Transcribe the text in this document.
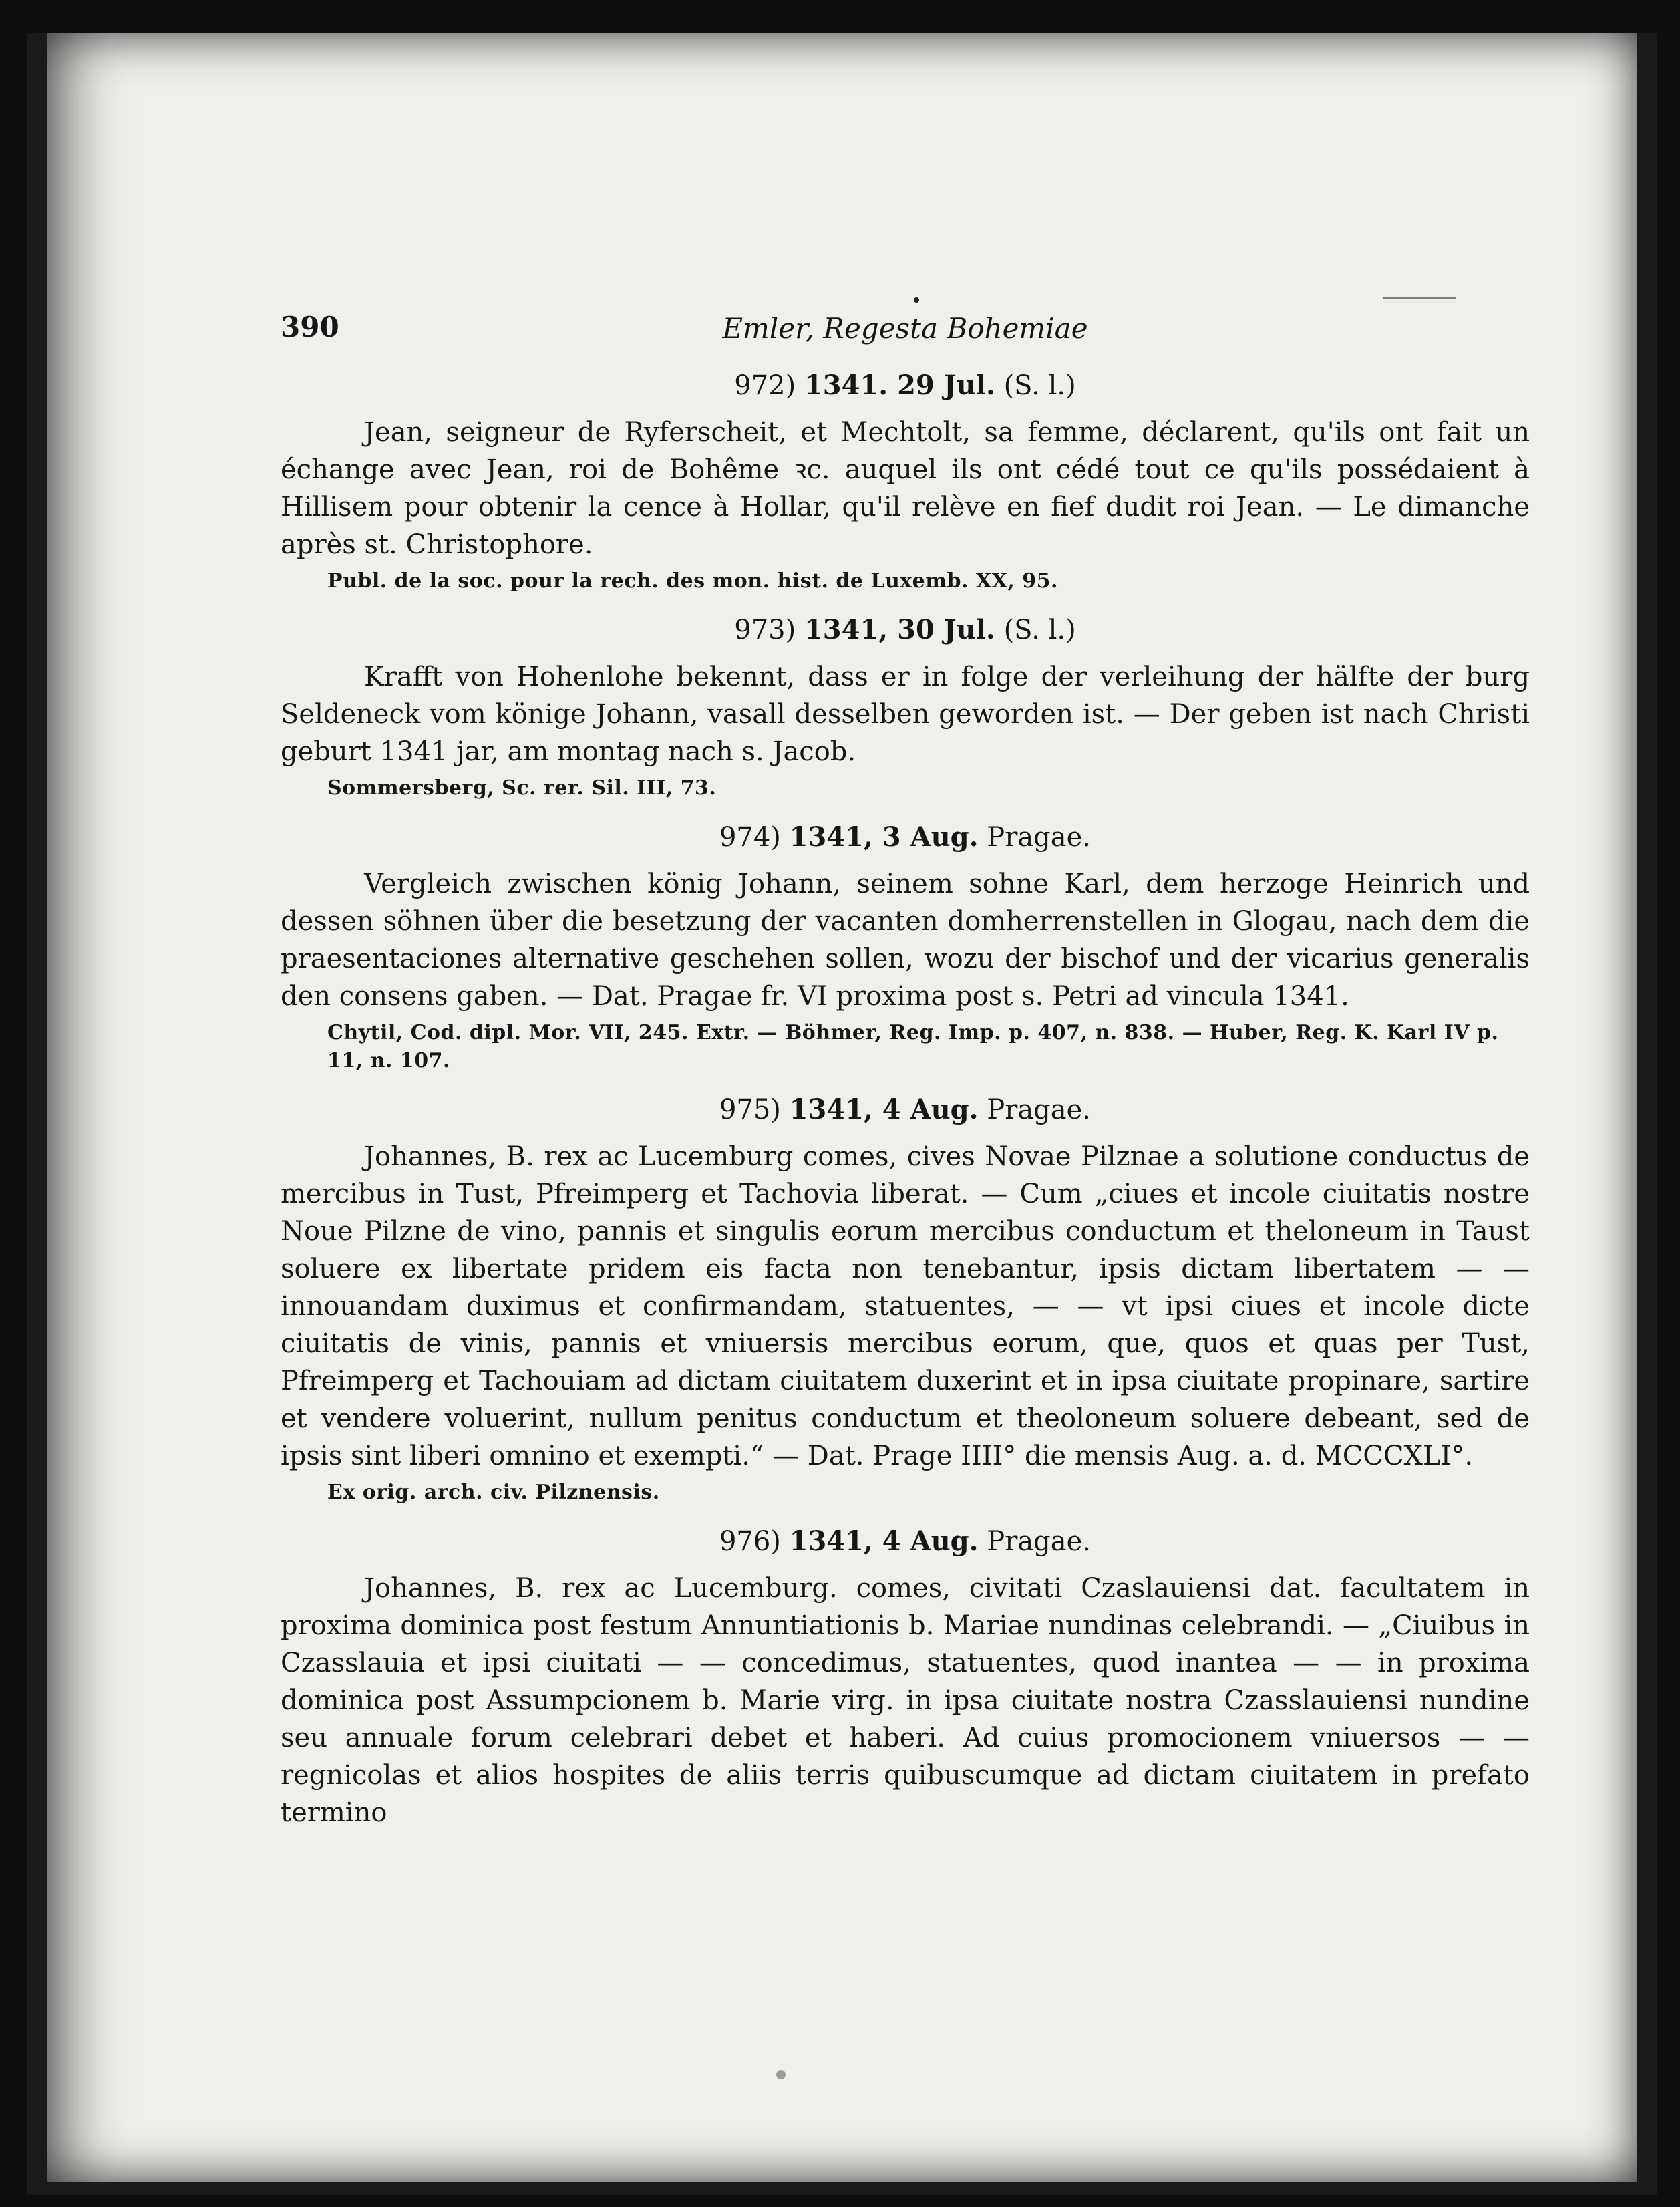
390	Emler, Regesta Bohemiae
972) 1341. 29 Jul. (S. l.)

Jean, seigneur de Ryferscheit, et Mechtolt, sa femme, déclarent, qu'ils ont fait un échange avec Jean, roi de Bohême ꝛc. auquel ils ont cédé tout ce qu'ils possédaient à Hillisem pour obtenir la cence à Hollar, qu'il relève en fief dudit roi Jean. — Le dimanche après st. Christophore.

Publ. de la soc. pour la rech. des mon. hist. de Luxemb. XX, 95.
973) 1341, 30 Jul. (S. l.)

Krafft von Hohenlohe bekennt, dass er in folge der verleihung der hälfte der burg Seldeneck vom könige Johann, vasall desselben geworden ist. — Der geben ist nach Christi geburt 1341 jar, am montag nach s. Jacob.

Sommersberg, Sc. rer. Sil. III, 73.
974) 1341, 3 Aug. Pragae.

Vergleich zwischen könig Johann, seinem sohne Karl, dem herzoge Heinrich und dessen söhnen über die besetzung der vacanten domherrenstellen in Glogau, nach dem die praesentaciones alternative geschehen sollen, wozu der bischof und der vicarius generalis den consens gaben. — Dat. Pragae fr. VI proxima post s. Petri ad vincula 1341.

Chytil, Cod. dipl. Mor. VII, 245. Extr. — Böhmer, Reg. Imp. p. 407, n. 838. — Huber, Reg. K. Karl IV p. 11, n. 107.
975) 1341, 4 Aug. Pragae.

Johannes, B. rex ac Lucemburg comes, cives Novae Pilznae a solutione conductus de mercibus in Tust, Pfreimperg et Tachovia liberat. — Cum „ciues et incole ciuitatis nostre Noue Pilzne de vino, pannis et singulis eorum mercibus conductum et theloneum in Taust soluere ex libertate pridem eis facta non tenebantur, ipsis dictam libertatem — — innouandam duximus et confirmandam, statuentes, — — vt ipsi ciues et incole dicte ciuitatis de vinis, pannis et vniuersis mercibus eorum, que, quos et quas per Tust, Pfreimperg et Tachouiam ad dictam ciuitatem duxerint et in ipsa ciuitate propinare, sartire et vendere voluerint, nullum penitus conductum et theoloneum soluere debeant, sed de ipsis sint liberi omnino et exempti.“ — Dat. Prage IIII° die mensis Aug. a. d. MCCCXLI°.

Ex orig. arch. civ. Pilznensis.
976) 1341, 4 Aug. Pragae.

Johannes, B. rex ac Lucemburg. comes, civitati Czaslauiensi dat. facultatem in proxima dominica post festum Annuntiationis b. Mariae nundinas celebrandi. — „Ciuibus in Czasslauia et ipsi ciuitati — — concedimus, statuentes, quod inantea — — in proxima dominica post Assumpcionem b. Marie virg. in ipsa ciuitate nostra Czasslauiensi nundine seu annuale forum celebrari debet et haberi. Ad cuius promocionem vniuersos — — regnicolas et alios hospites de aliis terris quibuscumque ad dictam ciuitatem in prefato termino
